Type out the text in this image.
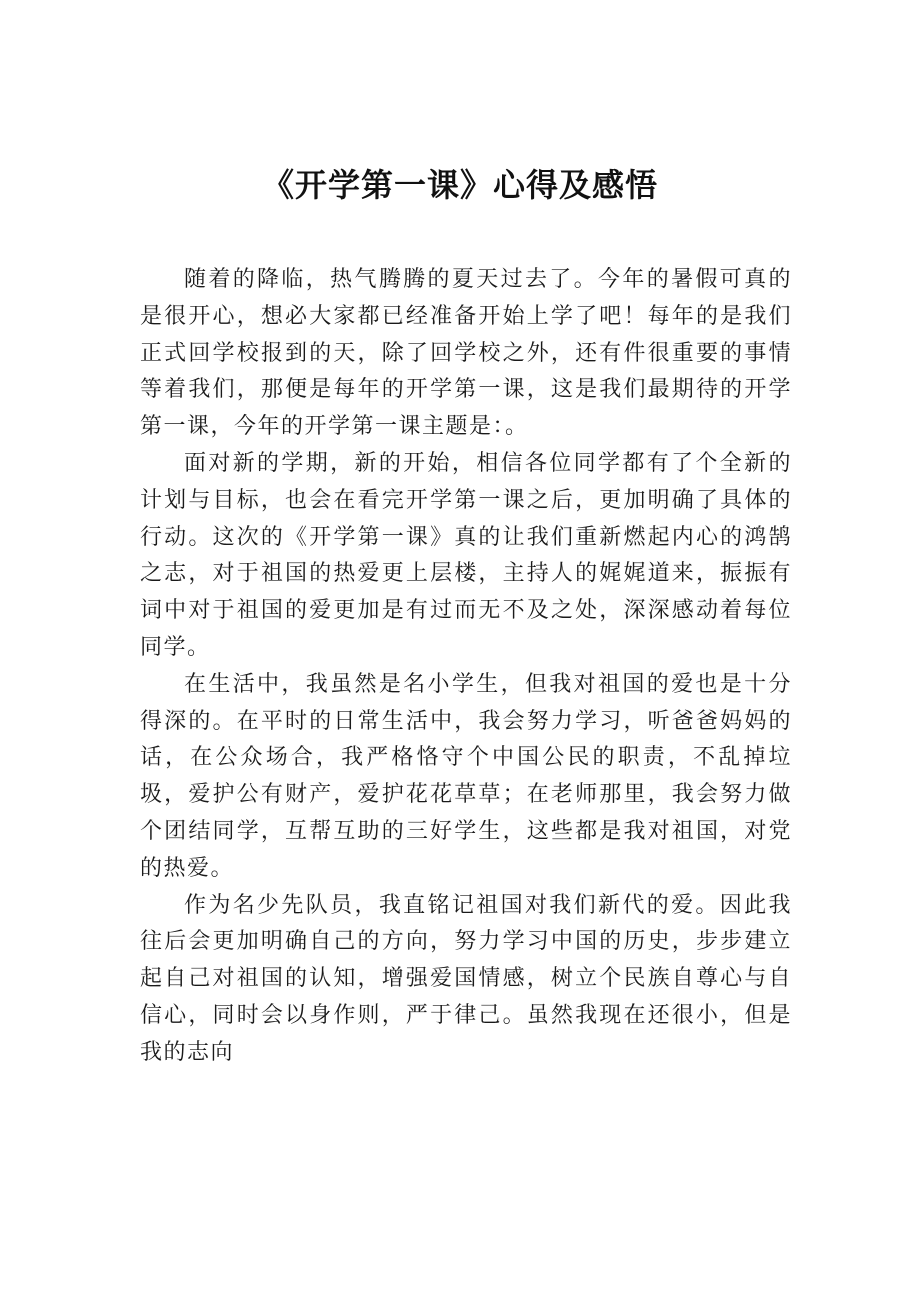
《开学第一课》心得及感悟

随着的降临，热气腾腾的夏天过去了。今年的暑假可真的是很开心，想必大家都已经准备开始上学了吧！每年的是我们正式回学校报到的天，除了回学校之外，还有件很重要的事情等着我们，那便是每年的开学第一课，这是我们最期待的开学第一课，今年的开学第一课主题是：。

面对新的学期，新的开始，相信各位同学都有了个全新的计划与目标，也会在看完开学第一课之后，更加明确了具体的行动。这次的《开学第一课》真的让我们重新燃起内心的鸿鹄之志，对于祖国的热爱更上层楼，主持人的娓娓道来，振振有词中对于祖国的爱更加是有过而无不及之处，深深感动着每位同学。

在生活中，我虽然是名小学生，但我对祖国的爱也是十分得深的。在平时的日常生活中，我会努力学习，听爸爸妈妈的话，在公众场合，我严格恪守个中国公民的职责，不乱掉垃圾，爱护公有财产，爱护花花草草；在老师那里，我会努力做个团结同学，互帮互助的三好学生，这些都是我对祖国，对党的热爱。

作为名少先队员，我直铭记祖国对我们新代的爱。因此我往后会更加明确自己的方向，努力学习中国的历史，步步建立起自己对祖国的认知，增强爱国情感，树立个民族自尊心与自信心，同时会以身作则，严于律己。虽然我现在还很小，但是我的志向
